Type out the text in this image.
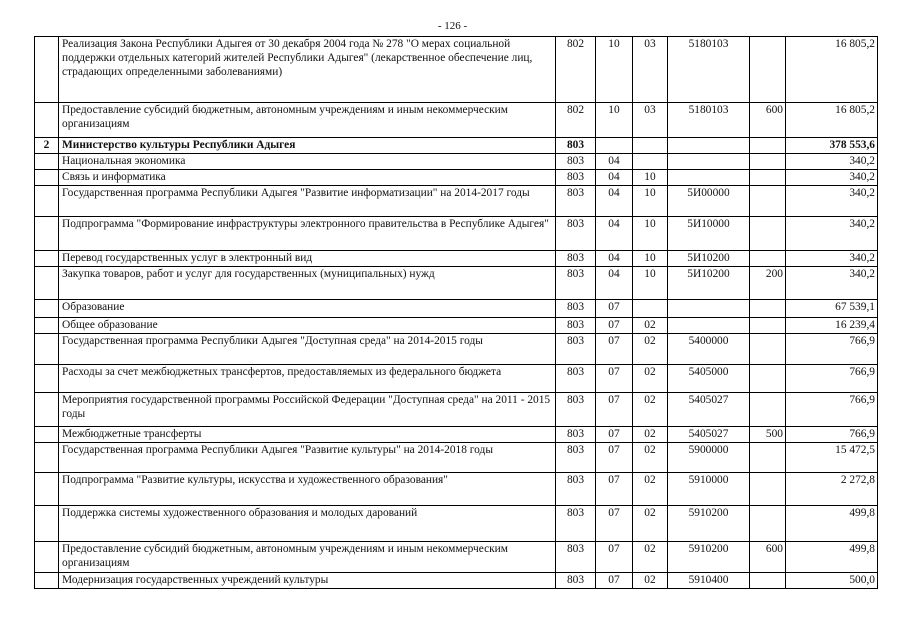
- 126 -
	Реализация Закона Республики Адыгея от 30 декабря 2004 года № 278 "О мерах социальной поддержки отдельных категорий жителей Республики Адыгея" (лекарственное обеспечение лиц, страдающих определенными заболеваниями)	802	10	03	5180103		16 805,2
	Предоставление субсидий бюджетным, автономным учреждениям и иным некоммерческим организациям	802	10	03	5180103	600	16 805,2
2	Министерство культуры Республики Адыгея	803					378 553,6
	Национальная экономика	803	04				340,2
	Связь и информатика	803	04	10			340,2
	Государственная программа Республики Адыгея "Развитие информатизации" на 2014-2017 годы	803	04	10	5И00000		340,2
	Подпрограмма "Формирование инфраструктуры электронного правительства в Республике Адыгея"	803	04	10	5И10000		340,2
	Перевод государственных услуг в электронный вид	803	04	10	5И10200		340,2
	Закупка товаров, работ и услуг для государственных (муниципальных) нужд	803	04	10	5И10200	200	340,2
	Образование	803	07				67 539,1
	Общее образование	803	07	02			16 239,4
	Государственная программа Республики Адыгея "Доступная среда" на 2014-2015 годы	803	07	02	5400000		766,9
	Расходы за счет межбюджетных трансфертов, предоставляемых из федерального бюджета	803	07	02	5405000		766,9
	Мероприятия государственной программы Российской Федерации "Доступная среда" на 2011 - 2015 годы	803	07	02	5405027		766,9
	Межбюджетные трансферты	803	07	02	5405027	500	766,9
	Государственная программа Республики Адыгея "Развитие культуры" на 2014-2018 годы	803	07	02	5900000		15 472,5
	Подпрограмма "Развитие культуры, искусства и художественного образования"	803	07	02	5910000		2 272,8
	Поддержка системы художественного образования и молодых дарований	803	07	02	5910200		499,8
	Предоставление субсидий бюджетным, автономным учреждениям и иным некоммерческим организациям	803	07	02	5910200	600	499,8
	Модернизация государственных учреждений культуры	803	07	02	5910400		500,0
